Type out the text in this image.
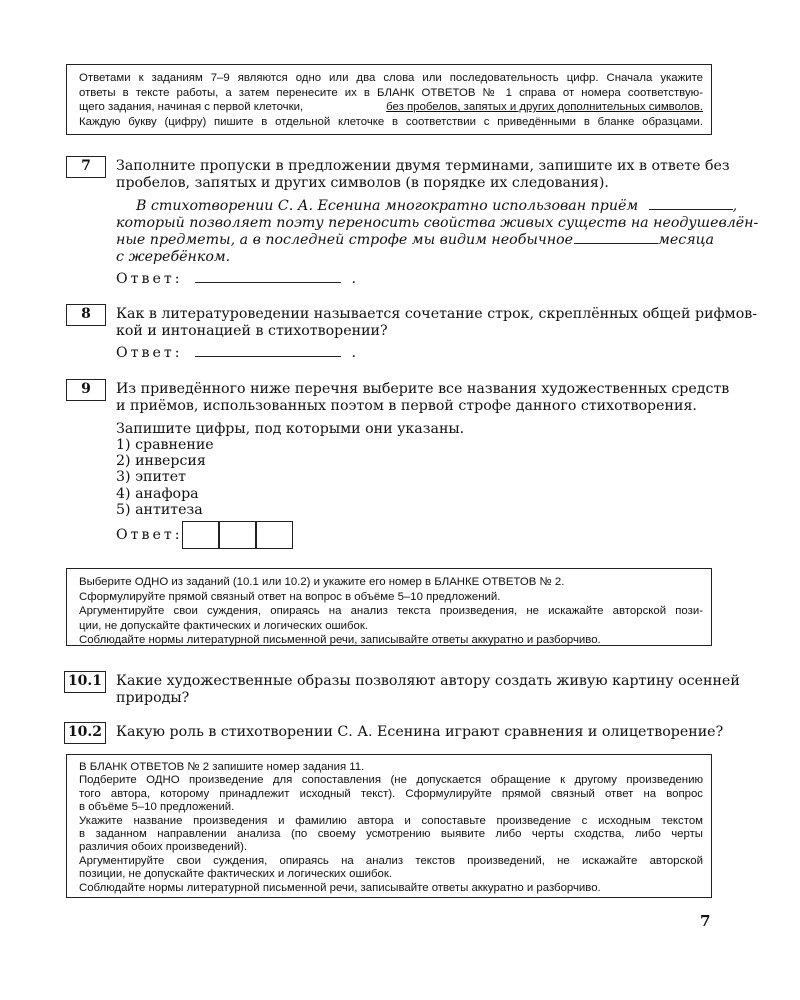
Ответами к заданиям 7–9 являются одно или два слова или последовательность цифр. Сначала укажите
ответы в тексте работы, а затем перенесите их в БЛАНК ОТВЕТОВ № 1 справа от номера соответствую-
щего задания, начиная с первой клеточки,	без пробелов, запятых и других дополнительных символов.
Каждую букву (цифру) пишите в отдельной клеточке в соответствии с приведёнными в бланке образцами.
7	Заполните пропуски в предложении двумя терминами, запишите их в ответе без
пробелов, запятых и других символов (в порядке их следования).
В стихотворении С. А. Есенина многократно использован приём	,
который позволяет поэту переносить свойства живых существ на неодушевлён-
ные предметы, а в последней строфе мы видим необычное	месяца
с жеребёнком.
Ответ:	.
8	Как в литературоведении называется сочетание строк, скреплённых общей рифмов-
кой и интонацией в стихотворении?
Ответ:	.
9	Из приведённого ниже перечня выберите все названия художественных средств
и приёмов, использованных поэтом в первой строфе данного стихотворения.
Запишите цифры, под которыми они указаны.
1) сравнение
2) инверсия
3) эпитет
4) анафора
5) антитеза
Ответ:
Выберите ОДНО из заданий (10.1 или 10.2) и укажите его номер в БЛАНКЕ ОТВЕТОВ № 2.
Сформулируйте прямой связный ответ на вопрос в объёме 5–10 предложений.
Аргументируйте свои суждения, опираясь на анализ текста произведения, не искажайте авторской пози-
ции, не допускайте фактических и логических ошибок.
Соблюдайте нормы литературной письменной речи, записывайте ответы аккуратно и разборчиво.
10.1 Какие художественные образы позволяют автору создать живую картину осенней
природы?
10.2 Какую роль в стихотворении С. А. Есенина играют сравнения и олицетворение?
В БЛАНК ОТВЕТОВ № 2 запишите номер задания 11.
Подберите ОДНО произведение для сопоставления (не допускается обращение к другому произведению
того автора, которому принадлежит исходный текст). Сформулируйте прямой связный ответ на вопрос
в объёме 5–10 предложений.
Укажите название произведения и фамилию автора и сопоставьте произведение с исходным текстом
в заданном направлении анализа (по своему усмотрению выявите либо черты сходства, либо черты
различия обоих произведений).
Аргументируйте свои суждения, опираясь на анализ текстов произведений, не искажайте авторской
позиции, не допускайте фактических и логических ошибок.
Соблюдайте нормы литературной письменной речи, записывайте ответы аккуратно и разборчиво.
7
